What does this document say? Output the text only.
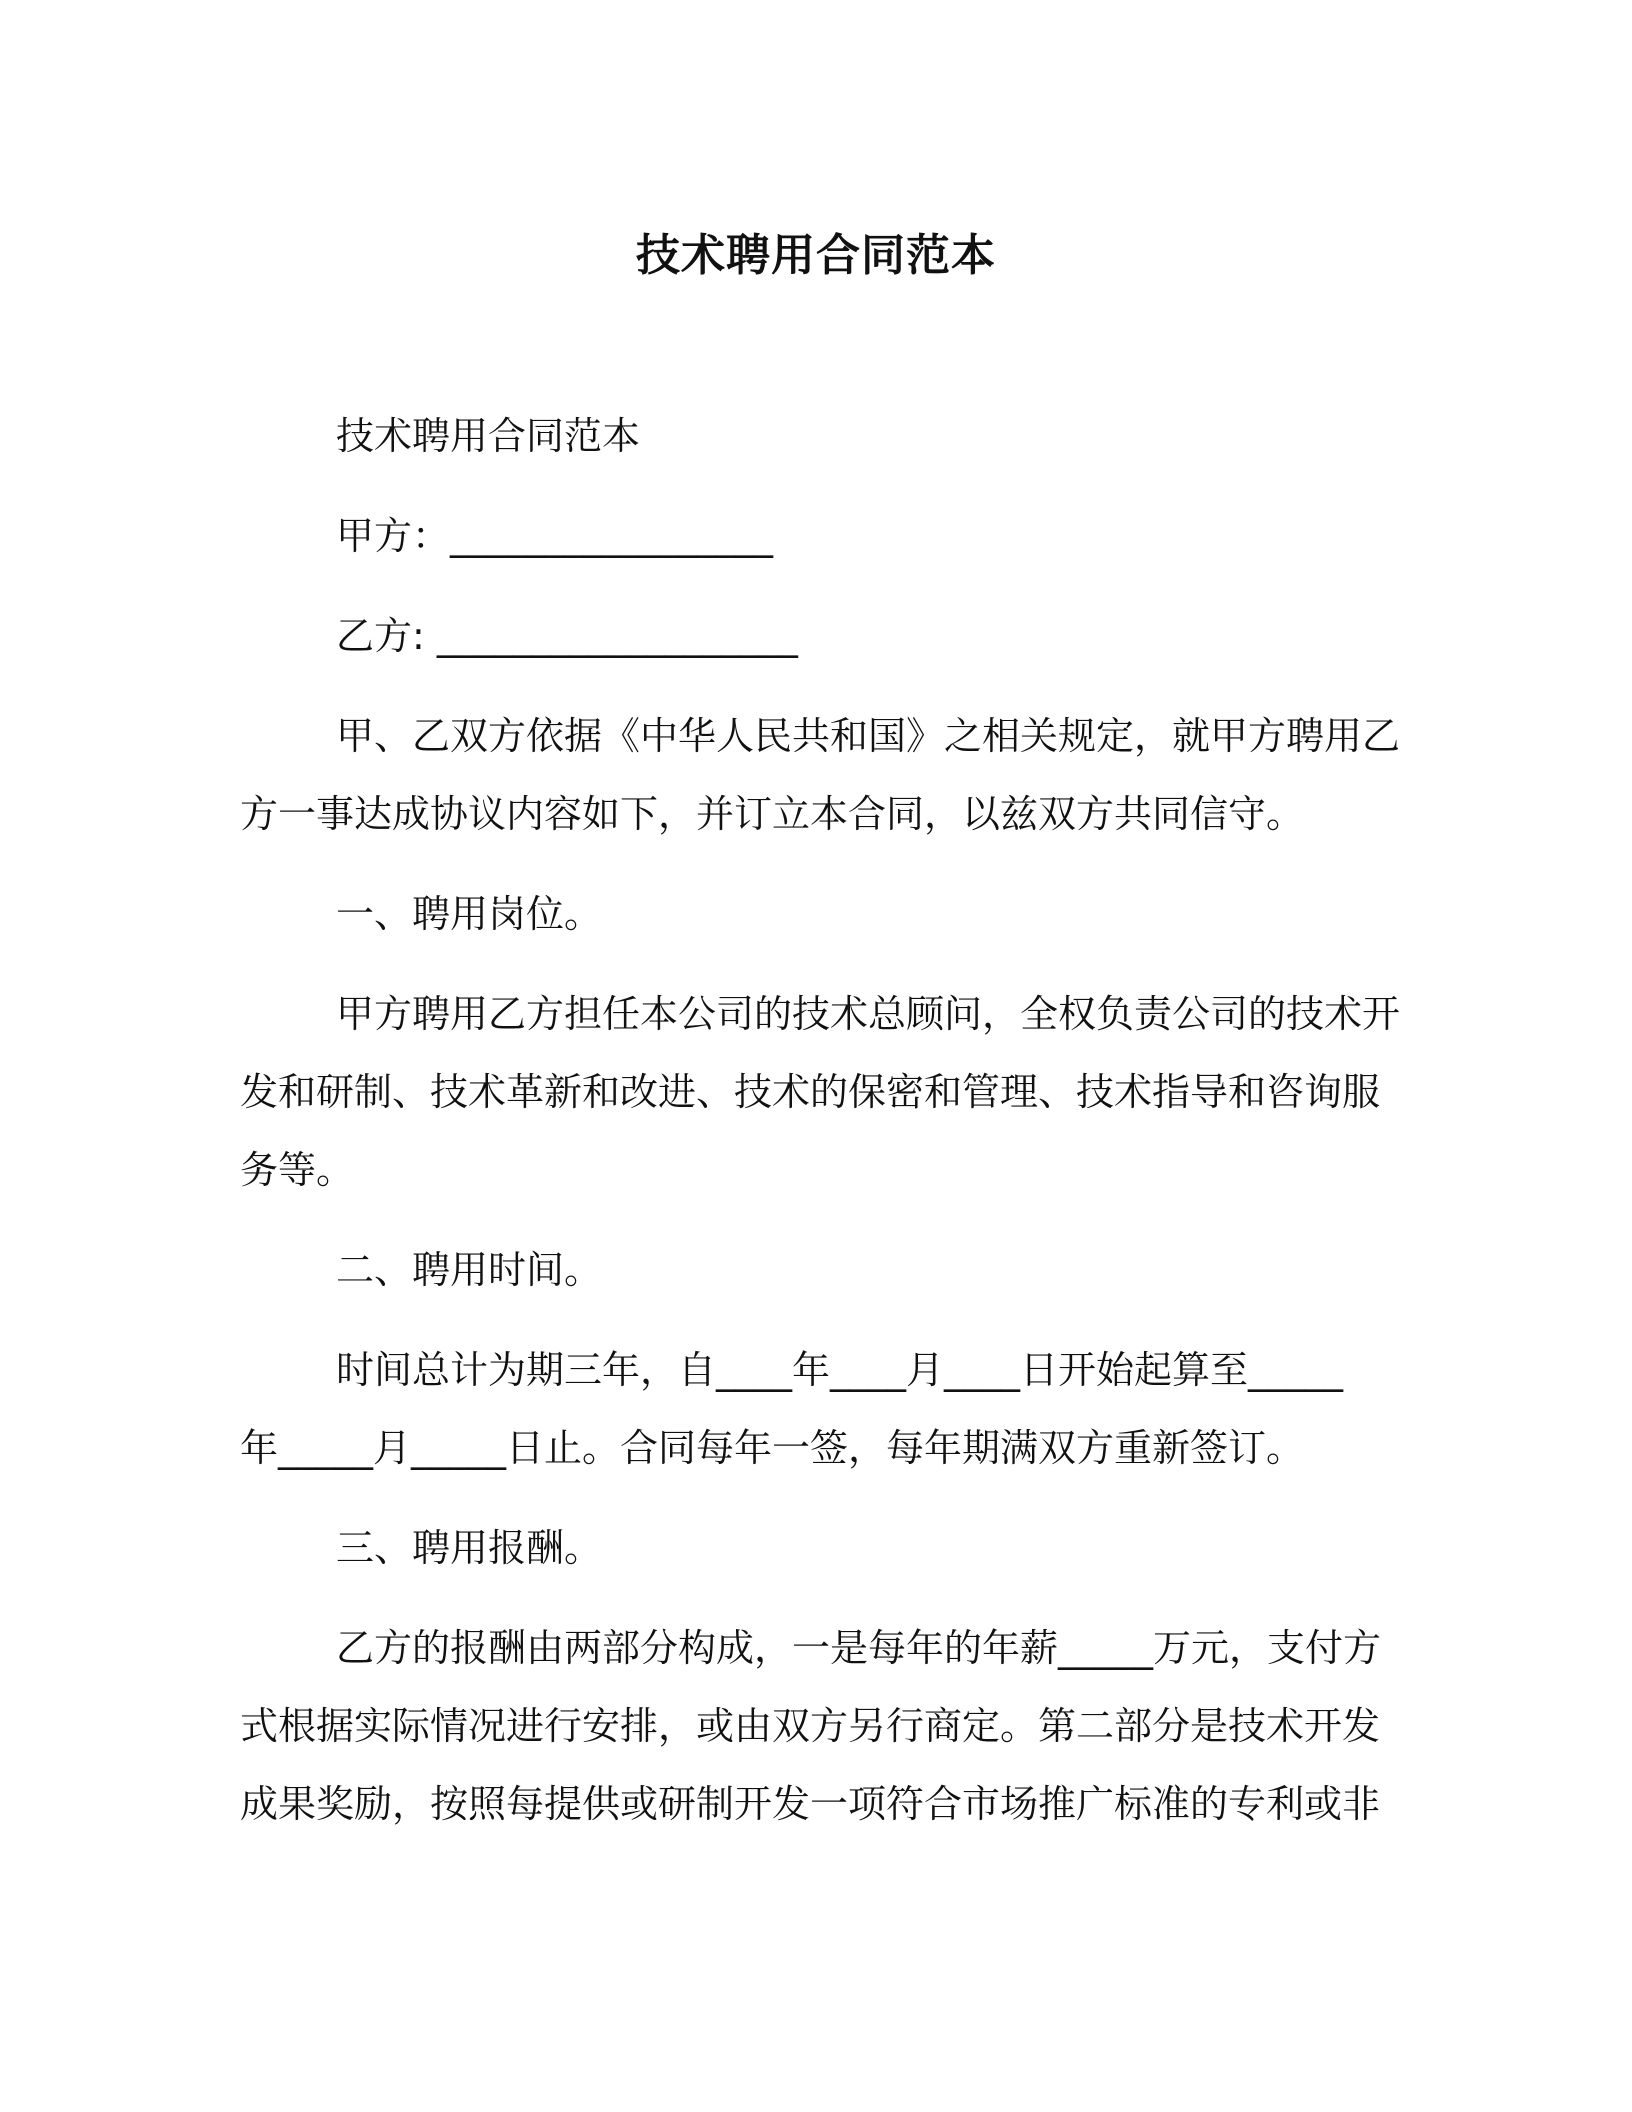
技术聘用合同范本

技术聘用合同范本

甲方：_________________

乙方: ___________________

甲、乙双方依据《中华人民共和国》之相关规定，就甲方聘用乙
方一事达成协议内容如下，并订立本合同，以兹双方共同信守。

一、聘用岗位。

甲方聘用乙方担任本公司的技术总顾问，全权负责公司的技术开
发和研制、技术革新和改进、技术的保密和管理、技术指导和咨询服
务等。

二、聘用时间。

时间总计为期三年，自____年____月____日开始起算至_____
年_____月_____日止。合同每年一签，每年期满双方重新签订。

三、聘用报酬。

乙方的报酬由两部分构成，一是每年的年薪_____万元，支付方
式根据实际情况进行安排，或由双方另行商定。第二部分是技术开发
成果奖励，按照每提供或研制开发一项符合市场推广标准的专利或非
